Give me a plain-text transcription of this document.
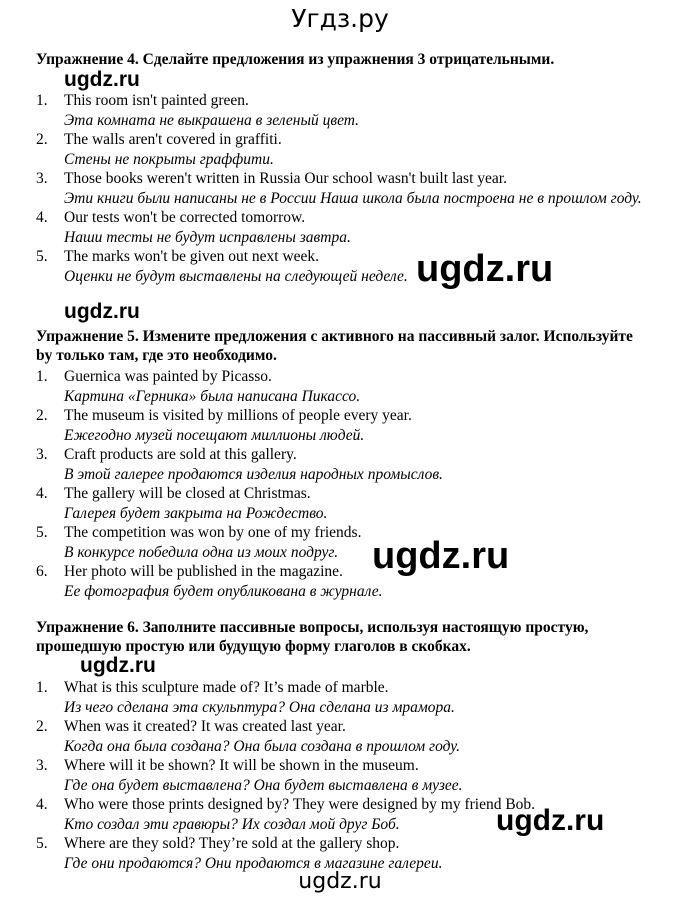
Угдз.ру
Упражнение 4. Сделайте предложения из упражнения 3 отрицательными.
1. This room isn't painted green.
Эта комната не выкрашена в зеленый цвет.
2. The walls aren't covered in graffiti.
Стены не покрыты граффити.
3. Those books weren't written in Russia Our school wasn't built last year.
Эти книги были написаны не в России Наша школа была построена не в прошлом году.
4. Our tests won't be corrected tomorrow.
Наши тесты не будут исправлены завтра.
5. The marks won't be given out next week.
Оценки не будут выставлены на следующей неделе.
Упражнение 5. Измените предложения с активного на пассивный залог. Используйте by только там, где это необходимо.
1. Guernica was painted by Picasso.
Картина «Герника» была написана Пикассо.
2. The museum is visited by millions of people every year.
Ежегодно музей посещают миллионы людей.
3. Craft products are sold at this gallery.
В этой галерее продаются изделия народных промыслов.
4. The gallery will be closed at Christmas.
Галерея будет закрыта на Рождество.
5. The competition was won by one of my friends.
В конкурсе победила одна из моих подруг.
6. Her photo will be published in the magazine.
Ее фотография будет опубликована в журнале.
Упражнение 6. Заполните пассивные вопросы, используя настоящую простую, прошедшую простую или будущую форму глаголов в скобках.
1. What is this sculpture made of? It’s made of marble.
Из чего сделана эта скульптура? Она сделана из мрамора.
2. When was it created? It was created last year.
Когда она была создана? Она была создана в прошлом году.
3. Where will it be shown? It will be shown in the museum.
Где она будет выставлена? Она будет выставлена в музее.
4. Who were those prints designed by? They were designed by my friend Bob.
Кто создал эти гравюры? Их создал мой друг Боб.
5. Where are they sold? They’re sold at the gallery shop.
Где они продаются? Они продаются в магазине галереи.
ugdz.ru
ugdz.ru
ugdz.ru
ugdz.ru
ugdz.ru
ugdz.ru
ugdz.ru
